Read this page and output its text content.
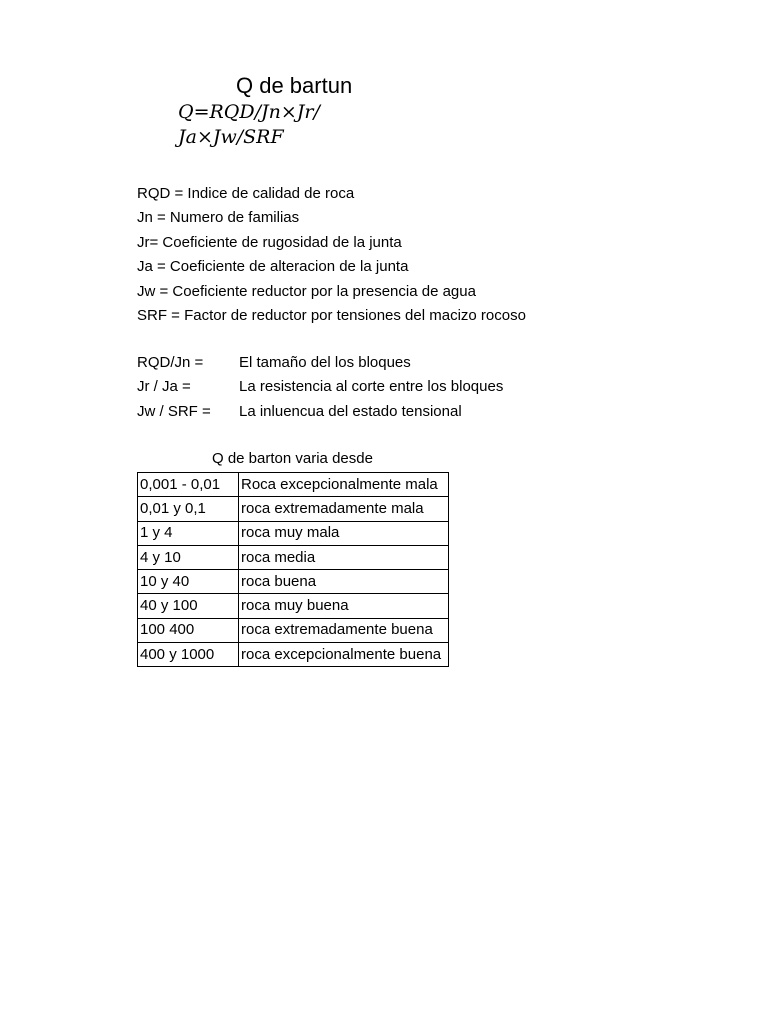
Q de bartun
Q=RQD/Jn×Jr/
Ja×Jw/SRF
RQD = Indice de calidad de roca
Jn = Numero de familias
Jr= Coeficiente de rugosidad de la junta
Ja = Coeficiente de alteracion de la junta
Jw = Coeficiente reductor por la presencia de agua
SRF = Factor de reductor por tensiones del macizo rocoso
RQD/Jn = El tamaño del los bloques
Jr / Ja =	La resistencia al corte entre los bloques
Jw / SRF = La inluencua del estado tensional
Q de barton varia desde
0,001 - 0,01	Roca excepcionalmente mala		
0,01 y 0,1	roca extremadamente mala		
1 y 4	roca muy mala		
4 y 10	roca media		
10 y 40	roca buena		
40 y 100	roca muy buena		
100 400	roca extremadamente buena		
400 y 1000	roca excepcionalmente buena		
